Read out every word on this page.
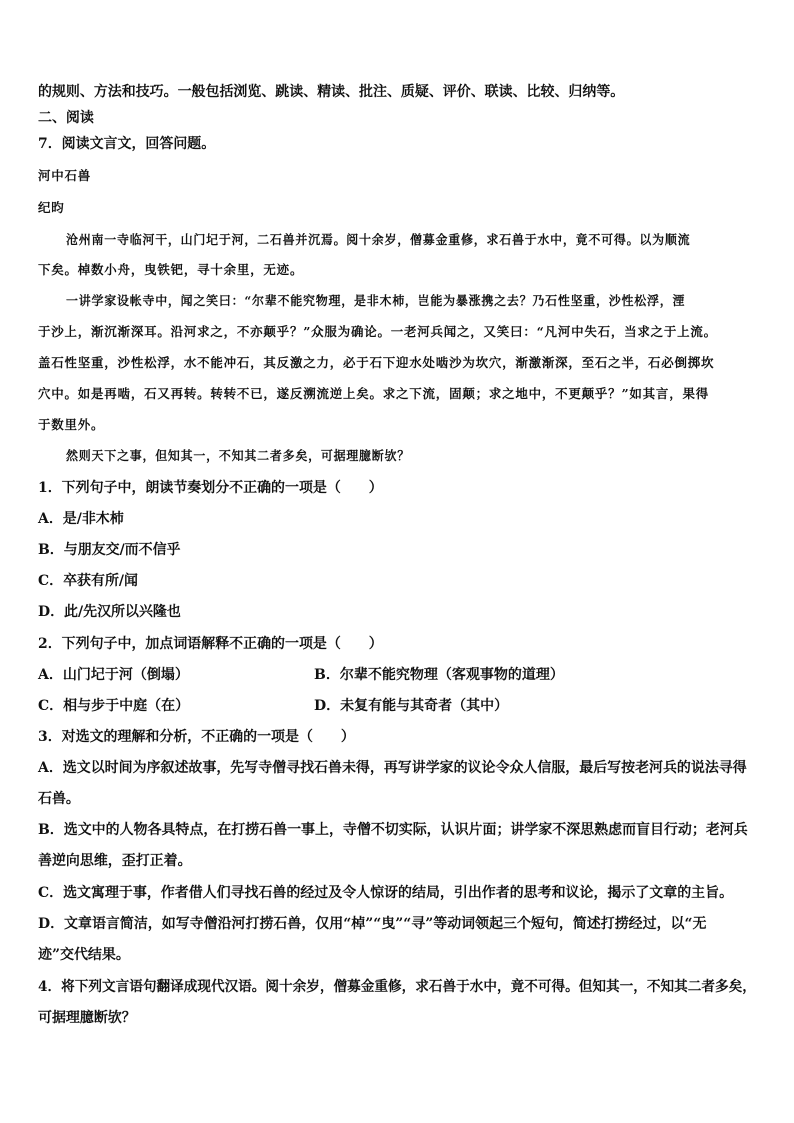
的规则、方法和技巧。一般包括浏览、跳读、精读、批注、质疑、评价、联读、比较、归纳等。
二、阅读
7．阅读文言文，回答问题。
河中石兽
纪昀
沧州南一寺临河干，山门圮于河，二石兽并沉焉。阅十余岁，僧募金重修，求石兽于水中，竟不可得。以为顺流
下矣。棹数小舟，曳铁钯，寻十余里，无迹。
一讲学家设帐寺中，闻之笑曰：“尔辈不能究物理，是非木杮，岂能为暴涨携之去？乃石性坚重，沙性松浮，湮
于沙上，渐沉渐深耳。沿河求之，不亦颠乎？”众服为确论。一老河兵闻之，又笑曰：“凡河中失石，当求之于上流。
盖石性坚重，沙性松浮，水不能冲石，其反激之力，必于石下迎水处啮沙为坎穴，渐激渐深，至石之半，石必倒掷坎
穴中。如是再啮，石又再转。转转不已，遂反溯流逆上矣。求之下流，固颠；求之地中，不更颠乎？”如其言，果得
于数里外。
然则天下之事，但知其一，不知其二者多矣，可据理臆断欤？
1．下列句子中，朗读节奏划分不正确的一项是（　　）
A．是/非木杮
B．与朋友交/而不信乎
C．卒获有所/闻
D．此/先汉所以兴隆也
2．下列句子中，加点词语解释不正确的一项是（　　）
A．山门圮于河（倒塌）	B．尔辈不能究物理（客观事物的道理）
C．相与步于中庭（在）	D．未复有能与其奇者（其中）
3．对选文的理解和分析，不正确的一项是（　　）
A．选文以时间为序叙述故事，先写寺僧寻找石兽未得，再写讲学家的议论令众人信服，最后写按老河兵的说法寻得
石兽。
B．选文中的人物各具特点，在打捞石兽一事上，寺僧不切实际，认识片面；讲学家不深思熟虑而盲目行动；老河兵
善逆向思维，歪打正着。
C．选文寓理于事，作者借人们寻找石兽的经过及令人惊讶的结局，引出作者的思考和议论，揭示了文章的主旨。
D．文章语言简洁，如写寺僧沿河打捞石兽，仅用“棹”“曳”“寻”等动词领起三个短句，简述打捞经过，以“无
迹”交代结果。
4．将下列文言语句翻译成现代汉语。阅十余岁，僧募金重修，求石兽于水中，竟不可得。但知其一，不知其二者多矣，
可据理臆断欤？
